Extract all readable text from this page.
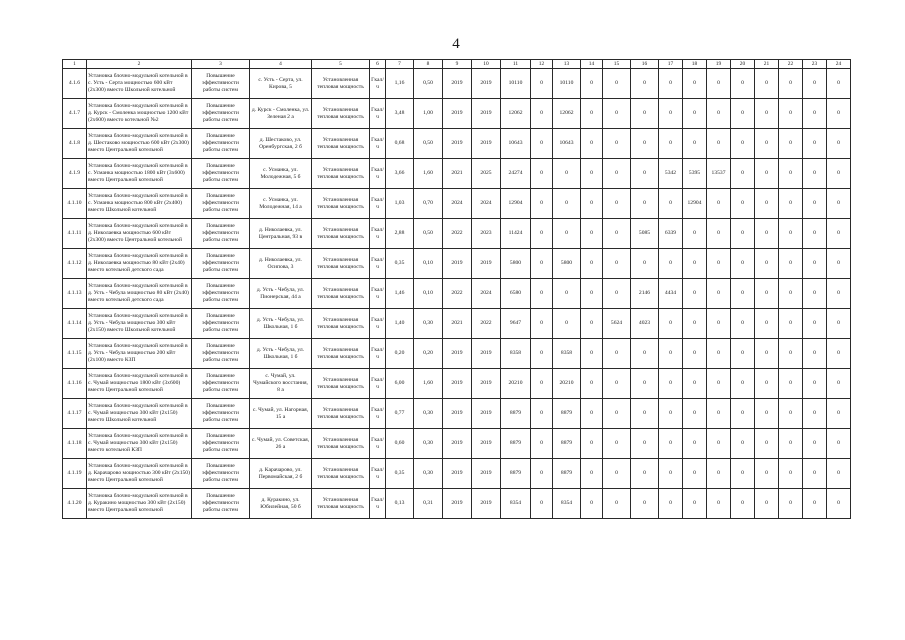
4
1	2	3	4	5	6	7	8	9	10	11	12	13	14	15	16	17	18	19	20	21	22	23	24
4.1.6	Установка блочно-модульной котельной в с. Усть - Серта мощностью 600 кВт (2x300) вместо Школьной котельной	Повышение эффективности работы систем	с. Усть - Серта, ул. Кирова, 5	Установленная тепловая мощность	Гкал/ч	1,16	0,50	2019	2019	10110	0	10110	0	0	0	0	0	0	0	0	0	0	0
4.1.7	Установка блочно-модульной котельной в д. Курск - Смоленка мощностью 1200 кВт (2x600) вместо котельной №2	Повышение эффективности работы систем	д. Курск - Смоленка, ул. Зеленая 2 а	Установленная тепловая мощность	Гкал/ч	3,48	1,00	2019	2019	12062	0	12062	0	0	0	0	0	0	0	0	0	0	0
4.1.8	Установка блочно-модульной котельной в д. Шестаково мощностью 600 кВт (2x300) вместо Центральной котельной	Повышение эффективности работы систем	д. Шестаково, ул. Оренбургская, 2 б	Установленная тепловая мощность	Гкал/ч	0,68	0,50	2019	2019	10643	0	10643	0	0	0	0	0	0	0	0	0	0	0
4.1.9	Установка блочно-модульной котельной в с. Усманка мощностью 1800 кВт (3x600) вместо Центральной котельной	Повышение эффективности работы систем	с. Усманка, ул. Молодежная, 5 б	Установленная тепловая мощность	Гкал/ч	3,66	1,60	2021	2025	24274	0	0	0	0	0	5342	5395	13537	0	0	0	0	0
4.1.10	Установка блочно-модульной котельной в с. Усманка мощностью 800 кВт (2x400) вместо Школьной котельной	Повышение эффективности работы систем	с. Усманка, ул. Молодежная, 14 а	Установленная тепловая мощность	Гкал/ч	1,03	0,70	2024	2024	12904	0	0	0	0	0	0	12904	0	0	0	0	0	0
4.1.11	Установка блочно-модульной котельной в д. Николаевка мощностью 600 кВт (2x300) вместо Центральной котельной	Повышение эффективности работы систем	д. Николаевка, ул. Центральная, 93 в	Установленная тепловая мощность	Гкал/ч	2,88	0,50	2022	2023	11424	0	0	0	0	5085	6339	0	0	0	0	0	0	0
4.1.12	Установка блочно-модульной котельной в д. Николаевка мощностью 80 кВт (2x40) вместо котельной детского сада	Повышение эффективности работы систем	д. Николаевка, ул. Осипова, 3	Установленная тепловая мощность	Гкал/ч	0,35	0,10	2019	2019	5800	0	5800	0	0	0	0	0	0	0	0	0	0	0
4.1.13	Установка блочно-модульной котельной в д. Усть - Чебула мощностью 80 кВт (2x40) вместо котельной детского сада	Повышение эффективности работы систем	д. Усть - Чебула, ул. Пионерская, 44 а	Установленная тепловая мощность	Гкал/ч	1,46	0,10	2022	2024	6580	0	0	0	0	2146	4434	0	0	0	0	0	0	0
4.1.14	Установка блочно-модульной котельной в д. Усть - Чебула мощностью 300 кВт (2x150) вместо Школьной котельной	Повышение эффективности работы систем	д. Усть - Чебула, ул. Школьная, 1 б	Установленная тепловая мощность	Гкал/ч	1,40	0,30	2021	2022	9647	0	0	0	5624	4023	0	0	0	0	0	0	0	0
4.1.15	Установка блочно-модульной котельной в д. Усть - Чебула мощностью 200 кВт (2x100) вместо КЗП	Повышение эффективности работы систем	д. Усть - Чебула, ул. Школьная, 1 б	Установленная тепловая мощность	Гкал/ч	0,20	0,20	2019	2019	8358	0	8358	0	0	0	0	0	0	0	0	0	0	0
4.1.16	Установка блочно-модульной котельной в с. Чумай мощностью 1800 кВт (3x600) вместо Центральной котельной	Повышение эффективности работы систем	с. Чумай, ул. Чумайского восстания, 8 а	Установленная тепловая мощность	Гкал/ч	6,00	1,60	2019	2019	20210	0	20210	0	0	0	0	0	0	0	0	0	0	0
4.1.17	Установка блочно-модульной котельной в с. Чумай мощностью 300 кВт (2x150) вместо Школьной котельной	Повышение эффективности работы систем	с. Чумай, ул. Нагорная, 15 а	Установленная тепловая мощность	Гкал/ч	0,77	0,30	2019	2019	8879	0	8879	0	0	0	0	0	0	0	0	0	0	0
4.1.18	Установка блочно-модульной котельной в с. Чумай мощностью 300 кВт (2x150) вместо котельной КЗП	Повышение эффективности работы систем	с. Чумай, ул. Советская, 26 а	Установленная тепловая мощность	Гкал/ч	0,60	0,30	2019	2019	8879	0	8879	0	0	0	0	0	0	0	0	0	0	0
4.1.19	Установка блочно-модульной котельной в д. Карачарово мощностью 300 кВт (2x150) вместо Центральной котельной	Повышение эффективности работы систем	д. Карачарово, ул. Первомайская, 2 б	Установленная тепловая мощность	Гкал/ч	0,35	0,30	2019	2019	8879	0	8879	0	0	0	0	0	0	0	0	0	0	0
4.1.20	Установка блочно-модульной котельной в д. Куракино мощностью 300 кВт (2x150) вместо Центральной котельной	Повышение эффективности работы систем	д. Куракино, ул. Юбилейная, 50 б	Установленная тепловая мощность	Гкал/ч	0,13	0,31	2019	2019	8354	0	8354	0	0	0	0	0	0	0	0	0	0	0
